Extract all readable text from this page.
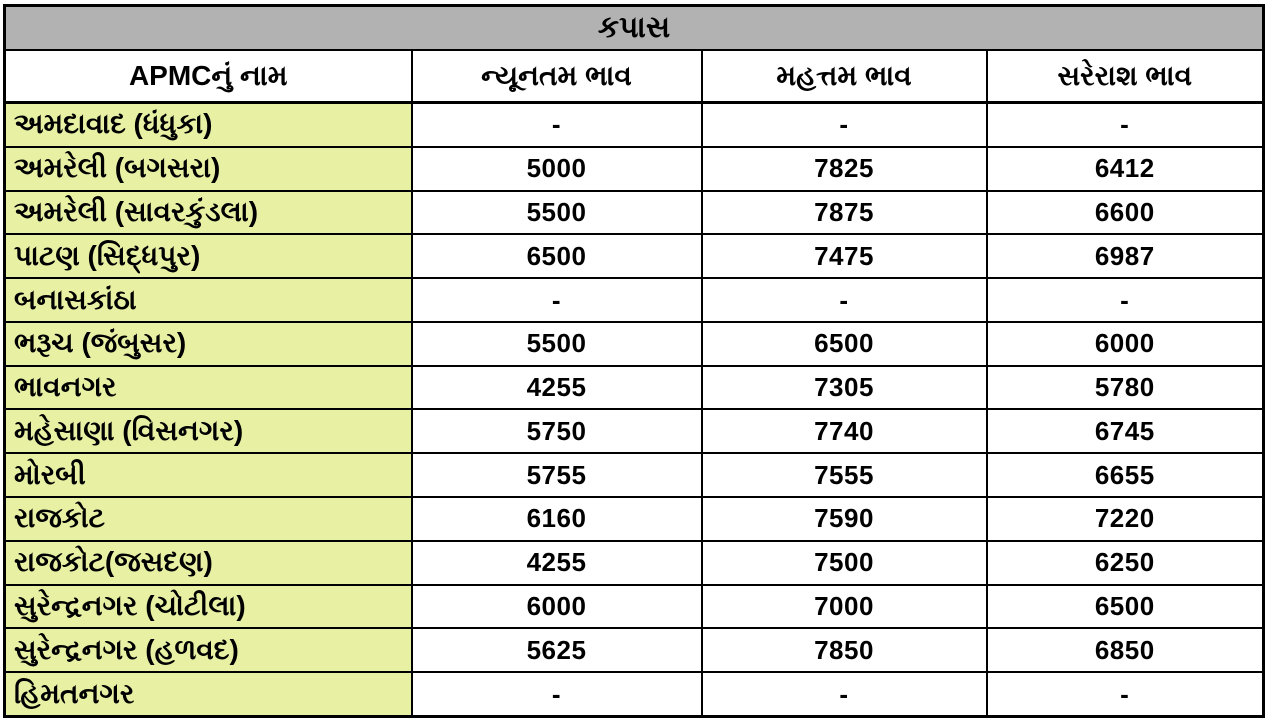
કપાસ			
APMCનું નામ	ન્યૂનતમ ભાવ	મહત્તમ ભાવ	સરેરાશ ભાવ
અમદાવાદ (ધંધુકા)	-	-	-
અમરેલી (બગસરા)	5000	7825	6412
અમરેલી (સાવરકુંડલા)	5500	7875	6600
પાટણ (સિદ્ધપુર)	6500	7475	6987
બનાસકાંઠા	-	-	-
ભરૂચ (જંબુસર)	5500	6500	6000
ભાવનગર	4255	7305	5780
મહેસાણા (વિસનગર)	5750	7740	6745
મોરબી	5755	7555	6655
રાજકોટ	6160	7590	7220
રાજકોટ(જસદણ)	4255	7500	6250
સુરેન્દ્રનગર (ચોટીલા)	6000	7000	6500
સુરેન્દ્રનગર (હળવદ)	5625	7850	6850
હિમતનગર	-	-	-
